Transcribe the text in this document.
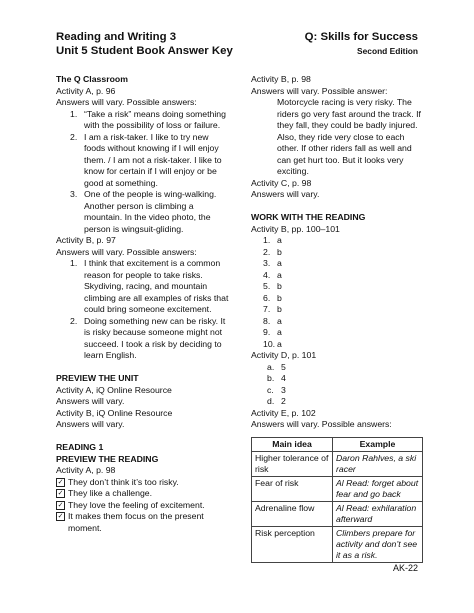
Reading and Writing 3
Unit 5 Student Book Answer Key
Q: Skills for Success
Second Edition
The Q Classroom
Activity A, p. 96
Answers will vary. Possible answers:
1. “Take a risk” means doing something with the possibility of loss or failure.
2. I am a risk-taker. I like to try new foods without knowing if I will enjoy them. / I am not a risk-taker. I like to know for certain if I will enjoy or be good at something.
3. One of the people is wing-walking. Another person is climbing a mountain. In the video photo, the person is wingsuit-gliding.
Activity B, p. 97
Answers will vary. Possible answers:
1. I think that excitement is a common reason for people to take risks. Skydiving, racing, and mountain climbing are all examples of risks that could bring someone excitement.
2. Doing something new can be risky. It is risky because someone might not succeed. I took a risk by deciding to learn English.
PREVIEW THE UNIT
Activity A, iQ Online Resource
Answers will vary.
Activity B, iQ Online Resource
Answers will vary.
READING 1
PREVIEW THE READING
Activity A, p. 98
✓ They don’t think it’s too risky.
✓ They like a challenge.
✓ They love the feeling of excitement.
✓ It makes them focus on the present moment.
Activity B, p. 98
Answers will vary. Possible answer:
Motorcycle racing is very risky. The riders go very fast around the track. If they fall, they could be badly injured. Also, they ride very close to each other. If other riders fall as well and can get hurt too. But it looks very exciting.
Activity C, p. 98
Answers will vary.
WORK WITH THE READING
Activity B, pp. 100–101
1. a
2. b
3. a
4. a
5. b
6. b
7. b
8. a
9. a
10. a
Activity D, p. 101
a. 5
b. 4
c. 3
d. 2
Activity E, p. 102
Answers will vary. Possible answers:
Main idea	Example
Higher tolerance of risk	Daron Rahlves, a ski racer
Fear of risk	Al Read: forget about fear and go back
Adrenaline flow	Al Read: exhilaration afterward
Risk perception	Climbers prepare for activity and don’t see it as a risk.
AK-22
